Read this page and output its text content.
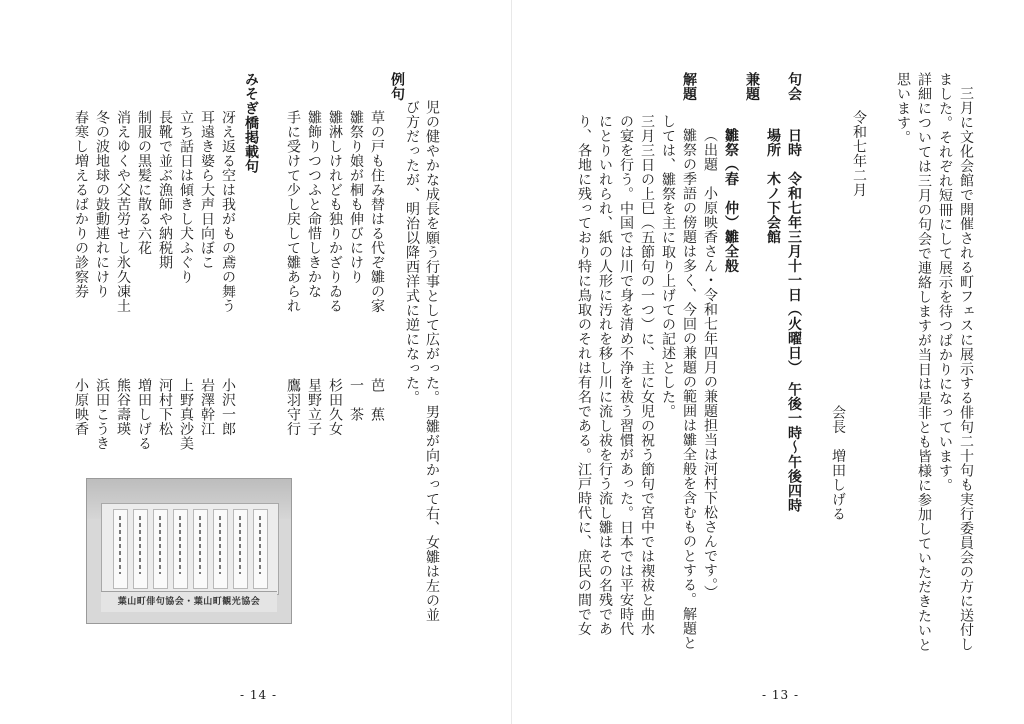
児の健やかな成長を願う行事として広がった。男雛が向かって右、女雛は左の並
び方だったが、明治以降西洋式に逆になった。
例句
草の戸も住み替はる代ぞ雛の家
芭　蕉
雛祭り娘が桐も伸びにけり
一　茶
雛淋しけれども独りかざりゐる
杉田久女
雛飾りつつふと命惜しきかな
星野立子
手に受けて少し戻して雛あられ
鷹羽守行
みそぎ橋掲載句
冴え返る空は我がもの鳶の舞う
小沢一郎
耳遠き婆ら大声日向ぼこ
岩澤幹江
立ち話日は傾きし犬ふぐり
上野真沙美
長靴で並ぶ漁師や納税期
河村下松
制服の黒髪に散る六花
増田しげる
消えゆくや父苦労せし氷久凍土
熊谷壽瑛
冬の波地球の鼓動連れにけり
浜田こうき
春寒し増えるばかりの診察券
小原映香
葉山町俳句協会・葉山町観光協会
- 14 -
三月に文化会館で開催される町フェスに展示する俳句二十句も実行委員会の方に送付し
ました。それぞれ短冊にして展示を待つばかりになっています。
詳細については三月の句会で連絡しますが当日は是非とも皆様に参加していただきたいと
思います。
令和七年二月
会長　増田しげる
句会
日時　令和七年三月十一日（火曜日）　午後一時～午後四時
場所　木ノ下会館
兼題
雛祭（春　仲）雛全般
（出題　小原映香さん・令和七年四月の兼題担当は河村下松さんです。）
解題
雛祭の季語の傍題は多く、今回の兼題の範囲は雛全般を含むものとする。解題と
しては、雛祭を主に取り上げての記述とした。
三月三日の上巳（五節句の一つ）に、主に女児の祝う節句で宮中では禊祓と曲水
の宴を行う。中国では川で身を清め不浄を祓う習慣があった。日本では平安時代
にとりいれられ、紙の人形に汚れを移し川に流し祓を行う流し雛はその名残であ
り、各地に残っており特に鳥取のそれは有名である。江戸時代に、庶民の間で女
- 13 -
